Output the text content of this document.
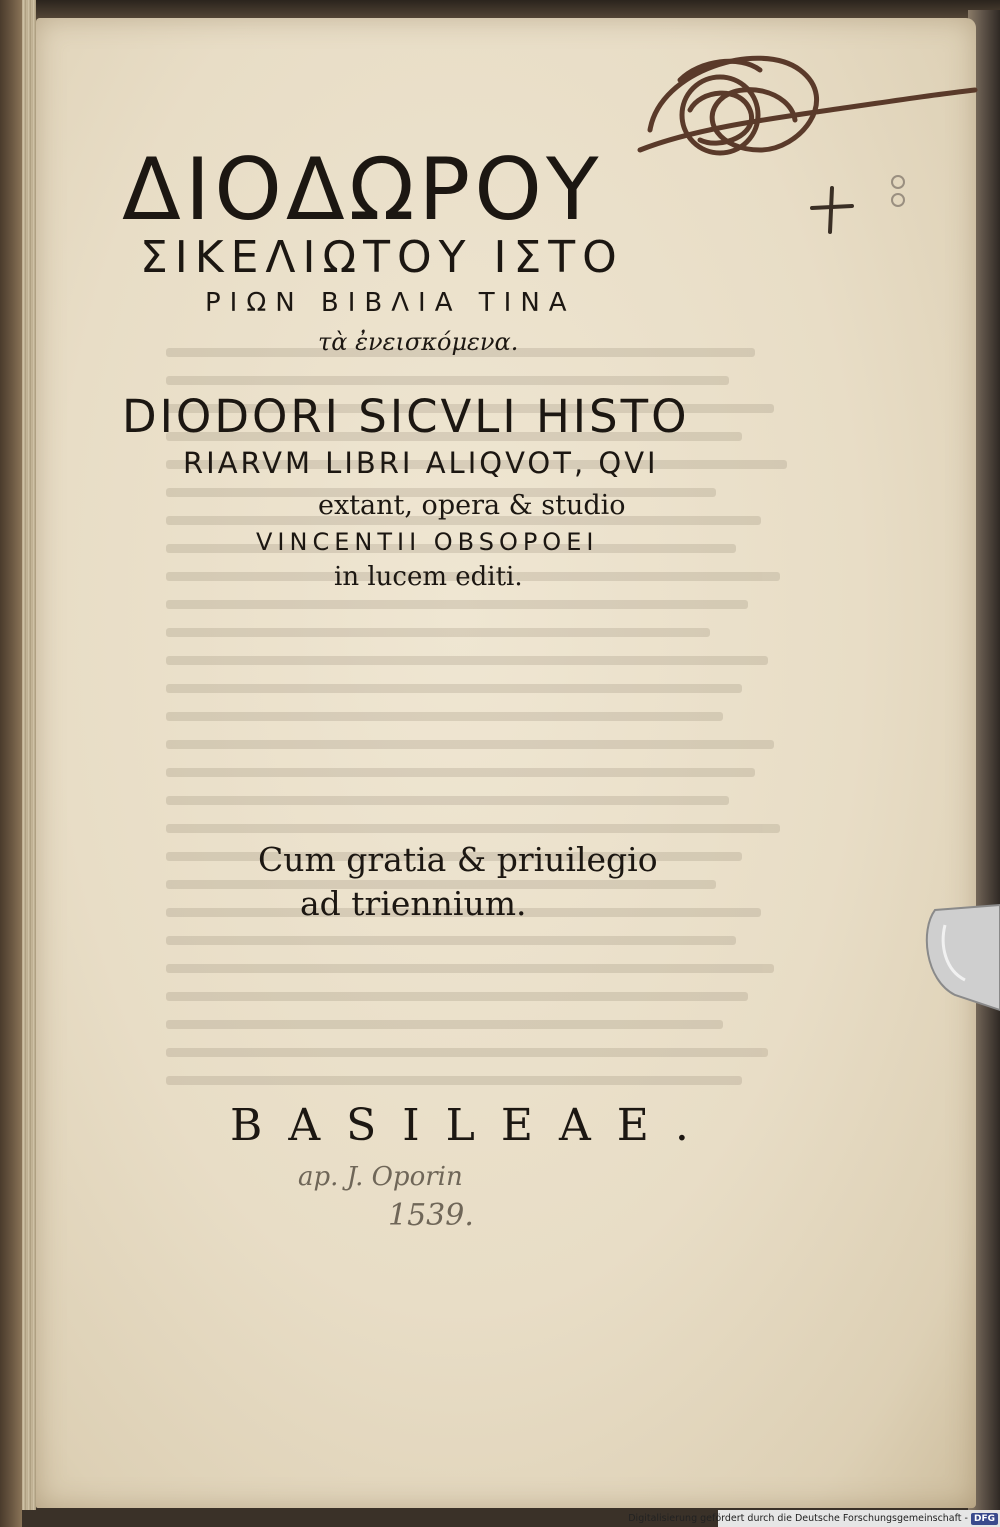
ΔΙΟΔΩΡΟΥ
ΣΙΚΕΛΙΩΤΟΥ ΙΣΤΟ
ΡΙΩΝ ΒΙΒΛΙΑ ΤΙΝΑ
τὰ ἐνεισκόμενα.
DIODORI SICVLI HISTO
RIARVM LIBRI ALIQVOT, QVI
extant, opera & studio
VINCENTII OBSOPOEI
in lucem editi.
Cum gratia & priuilegio
ad triennium.
BASILEAE.
ap. J. Oporin
1539.
Digitalisierung gefördert durch die Deutsche Forschungsgemeinschaft - DFG
